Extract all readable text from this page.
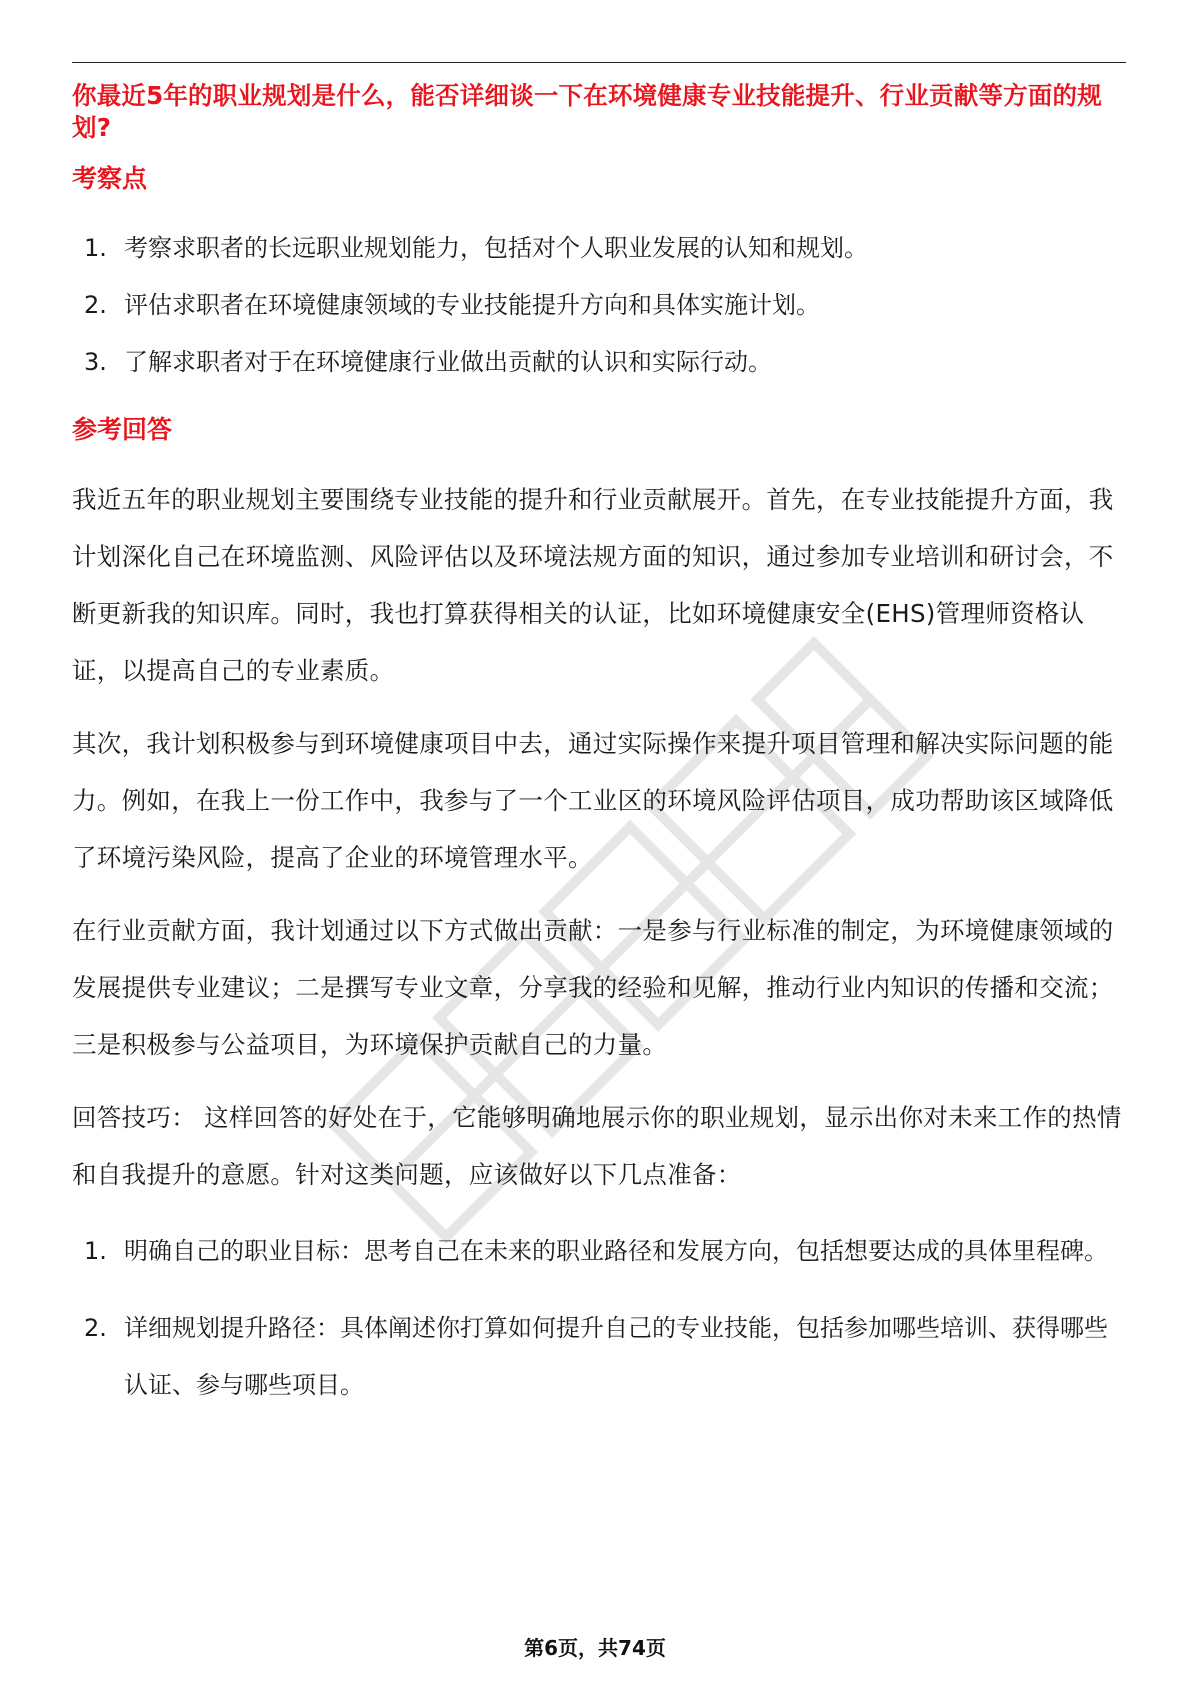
你最近5年的职业规划是什么，能否详细谈一下在环境健康专业技能提升、行业贡献等方面的规划?

考察点

1. 考察求职者的长远职业规划能力，包括对个人职业发展的认知和规划。
2. 评估求职者在环境健康领域的专业技能提升方向和具体实施计划。
3. 了解求职者对于在环境健康行业做出贡献的认识和实际行动。

参考回答

我近五年的职业规划主要围绕专业技能的提升和行业贡献展开。首先，在专业技能提升方面，我计划深化自己在环境监测、风险评估以及环境法规方面的知识，通过参加专业培训和研讨会，不断更新我的知识库。同时，我也打算获得相关的认证，比如环境健康安全(EHS)管理师资格认证，以提高自己的专业素质。

其次，我计划积极参与到环境健康项目中去，通过实际操作来提升项目管理和解决实际问题的能力。例如，在我上一份工作中，我参与了一个工业区的环境风险评估项目，成功帮助该区域降低了环境污染风险，提高了企业的环境管理水平。

在行业贡献方面，我计划通过以下方式做出贡献：一是参与行业标准的制定，为环境健康领域的发展提供专业建议；二是撰写专业文章，分享我的经验和见解，推动行业内知识的传播和交流；三是积极参与公益项目，为环境保护贡献自己的力量。

回答技巧： 这样回答的好处在于，它能够明确地展示你的职业规划，显示出你对未来工作的热情和自我提升的意愿。针对这类问题，应该做好以下几点准备：

1. 明确自己的职业目标：思考自己在未来的职业路径和发展方向，包括想要达成的具体里程碑。
2. 详细规划提升路径：具体阐述你打算如何提升自己的专业技能，包括参加哪些培训、获得哪些认证、参与哪些项目。
第6页，共74页
